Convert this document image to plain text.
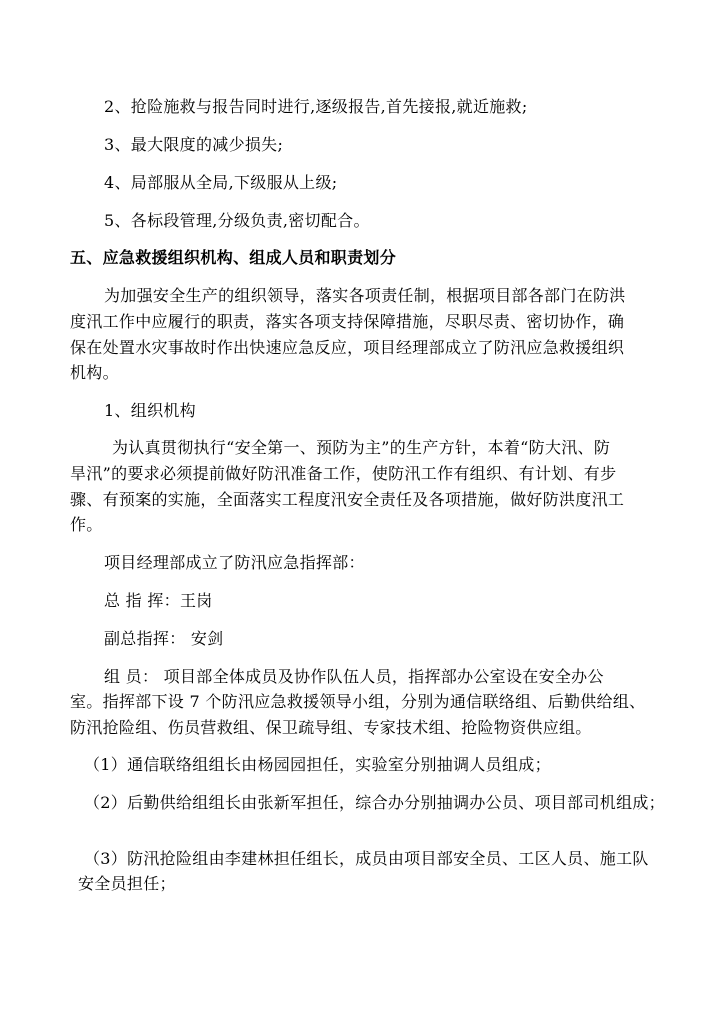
2、抢险施救与报告同时进行,逐级报告,首先接报,就近施救;
3、最大限度的减少损失;
4、局部服从全局,下级服从上级;
5、各标段管理,分级负责,密切配合。
五、应急救援组织机构、组成人员和职责划分
为加强安全生产的组织领导，落实各项责任制，根据项目部各部门在防洪
度汛工作中应履行的职责，落实各项支持保障措施，尽职尽责、密切协作，确
保在处置水灾事故时作出快速应急反应，项目经理部成立了防汛应急救援组织
机构。
1、组织机构
为认真贯彻执行“安全第一、预防为主”的生产方针，本着“防大汛、防
旱汛”的要求必须提前做好防汛准备工作，使防汛工作有组织、有计划、有步
骤、有预案的实施，全面落实工程度汛安全责任及各项措施，做好防洪度汛工
作。
项目经理部成立了防汛应急指挥部：
总 指 挥：王岗
副总指挥： 安剑
组 员： 项目部全体成员及协作队伍人员，指挥部办公室设在安全办公
室。指挥部下设 7 个防汛应急救援领导小组，分别为通信联络组、后勤供给组、
防汛抢险组、伤员营救组、保卫疏导组、专家技术组、抢险物资供应组。
（1）通信联络组组长由杨园园担任，实验室分别抽调人员组成；
（2）后勤供给组组长由张新军担任，综合办分别抽调办公员、项目部司机组成；
（3）防汛抢险组由李建林担任组长，成员由项目部安全员、工区人员、施工队
安全员担任；
